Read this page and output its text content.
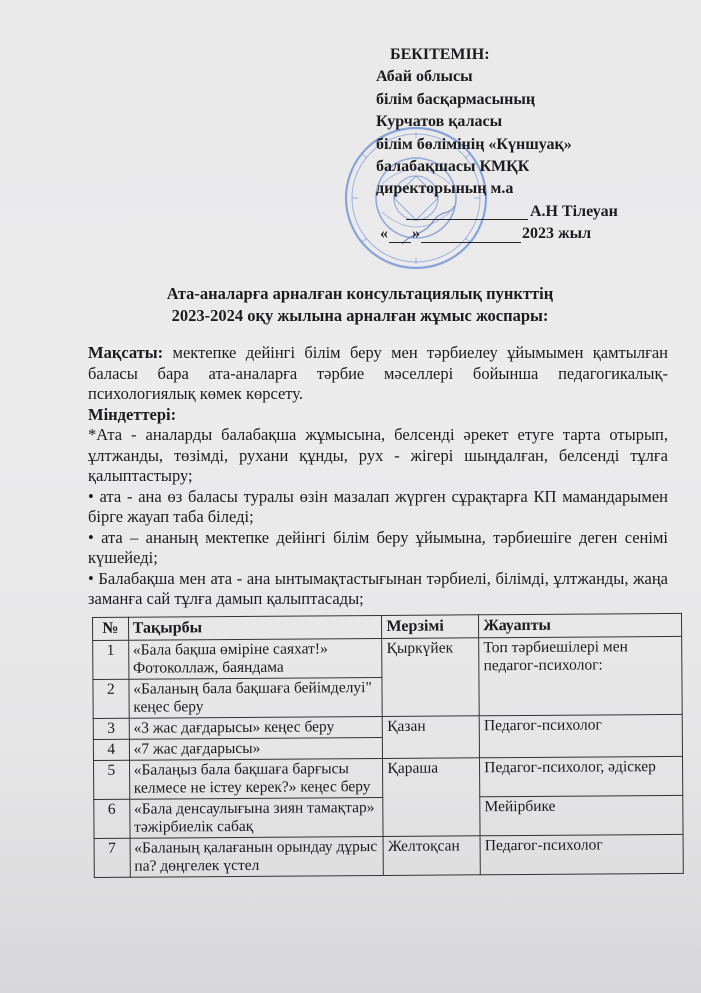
БЕКІТЕМІН:
Абай облысы
білім басқармасының
Курчатов қаласы
білім бөлімінің «Күншуақ»
балабақшасы КМҚК
директорының м.а
А.Н Тілеуан
« »	2023 жыл
Ата-аналарға арналған консультациялық пункттің
2023-2024 оқу жылына арналған жұмыс жоспары:

Мақсаты: мектепке дейінгі білім беру мен тәрбиелеу ұйымымен қамтылған баласы бара ата-аналарға тәрбие мәселлері бойынша педагогикалық-психологиялық көмек көрсету.

Міндеттері:

*Ата - аналарды балабақша жұмысына, белсенді әрекет етуге тарта отырып, ұлтжанды, төзімді, рухани құнды, рух - жігері шыңдалған, белсенді тұлға қалыптастыру;

• ата - ана өз баласы туралы өзін мазалап жүрген сұрақтарға КП мамандарымен бірге жауап таба біледі;

• ата – ананың мектепке дейінгі білім беру ұйымына, тәрбиешіге деген сенімі күшейеді;

• Балабақша мен ата - ана ынтымақтастығынан тәрбиелі, білімді, ұлтжанды, жаңа заманға сай тұлға дамып қалыптасады;

№	Тақырбы	Мерзімі	Жауапты
1	«Бала бақша өміріне саяхат!» Фотоколлаж, баяндама	Қыркүйек	Топ тәрбиешілері мен педагог-психолог:
2	«Баланың бала бақшаға бейімделуі" кеңес беру		
3	«3 жас дағдарысы» кеңес беру	Қазан	Педагог-психолог
4	«7 жас дағдарысы»		
5	«Балаңыз бала бақшаға барғысы келмесе не істеу керек?» кеңес беру	Қараша	Педагог-психолог, әдіскер
6	«Бала денсаулығына зиян тамақтар» тәжірбиелік сабақ		Мейірбике
7	«Баланың қалағанын орындау дұрыс па? дөңгелек үстел	Желтоқсан	Педагог-психолог
